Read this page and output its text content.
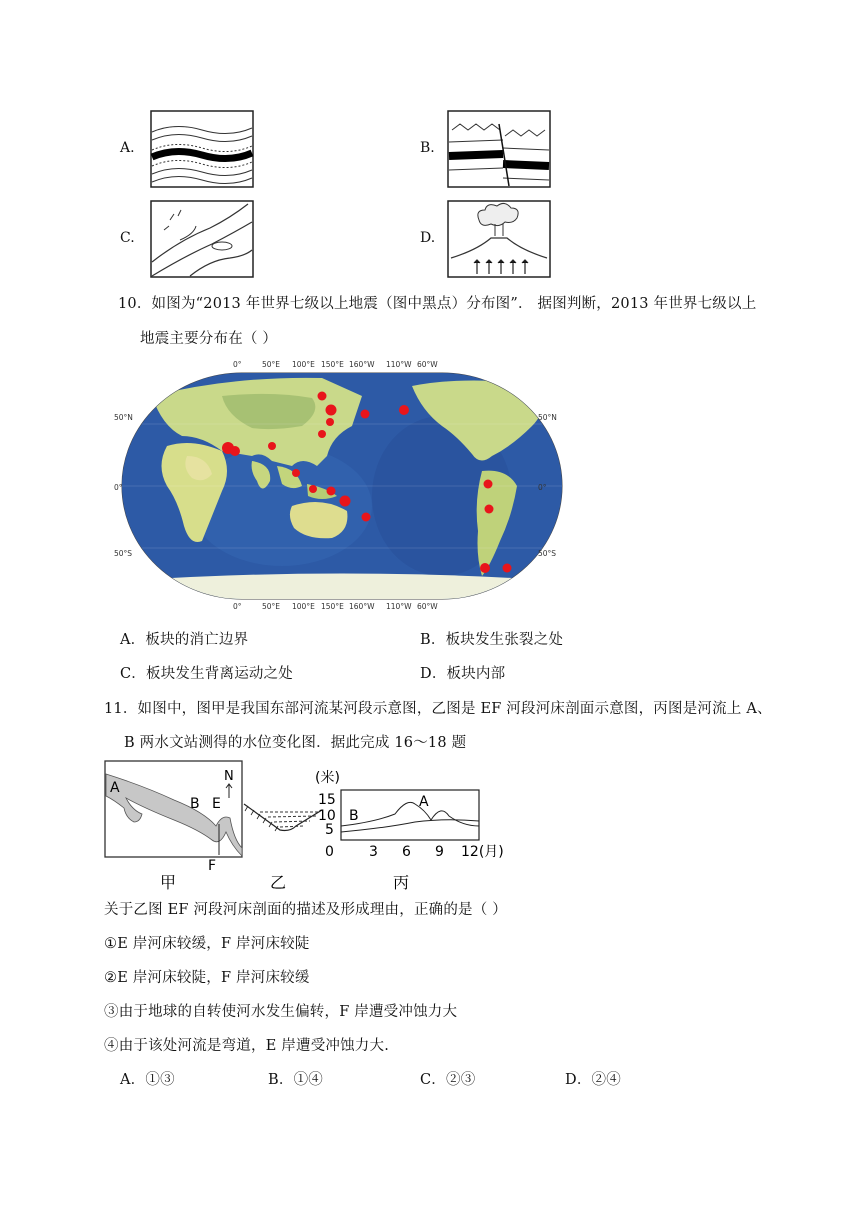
A.	B.
C.	D.
10．如图为“2013 年世界七级以上地震（图中黑点）分布图”． 据图判断，2013 年世界七级以上
地震主要分布在（ ）
0°	50°E 100°E 150°E 160°W 110°W 60°W
0°	50°E 100°E 150°E 160°W 110°W 60°W
50°N
0°
50°S
50°N
0°
50°S
A．板块的消亡边界	B．板块发生张裂之处
C．板块发生背离运动之处	D．板块内部
11．如图中，图甲是我国东部河流某河段示意图，乙图是 EF 河段河床剖面示意图，丙图是河流上 A、
B 两水文站测得的水位变化图．据此完成 16～18 题
A
B E
N
F
甲	乙
(米)
15
10
5
0	3 6 9 12(月)
A
B
丙
关于乙图 EF 河段河床剖面的描述及形成理由，正确的是（ ）
①E 岸河床较缓，F 岸河床较陡
②E 岸河床较陡，F 岸河床较缓
③由于地球的自转使河水发生偏转，F 岸遭受冲蚀力大
④由于该处河流是弯道，E 岸遭受冲蚀力大.
A．①③	B．①④	C．②③	D．②④
